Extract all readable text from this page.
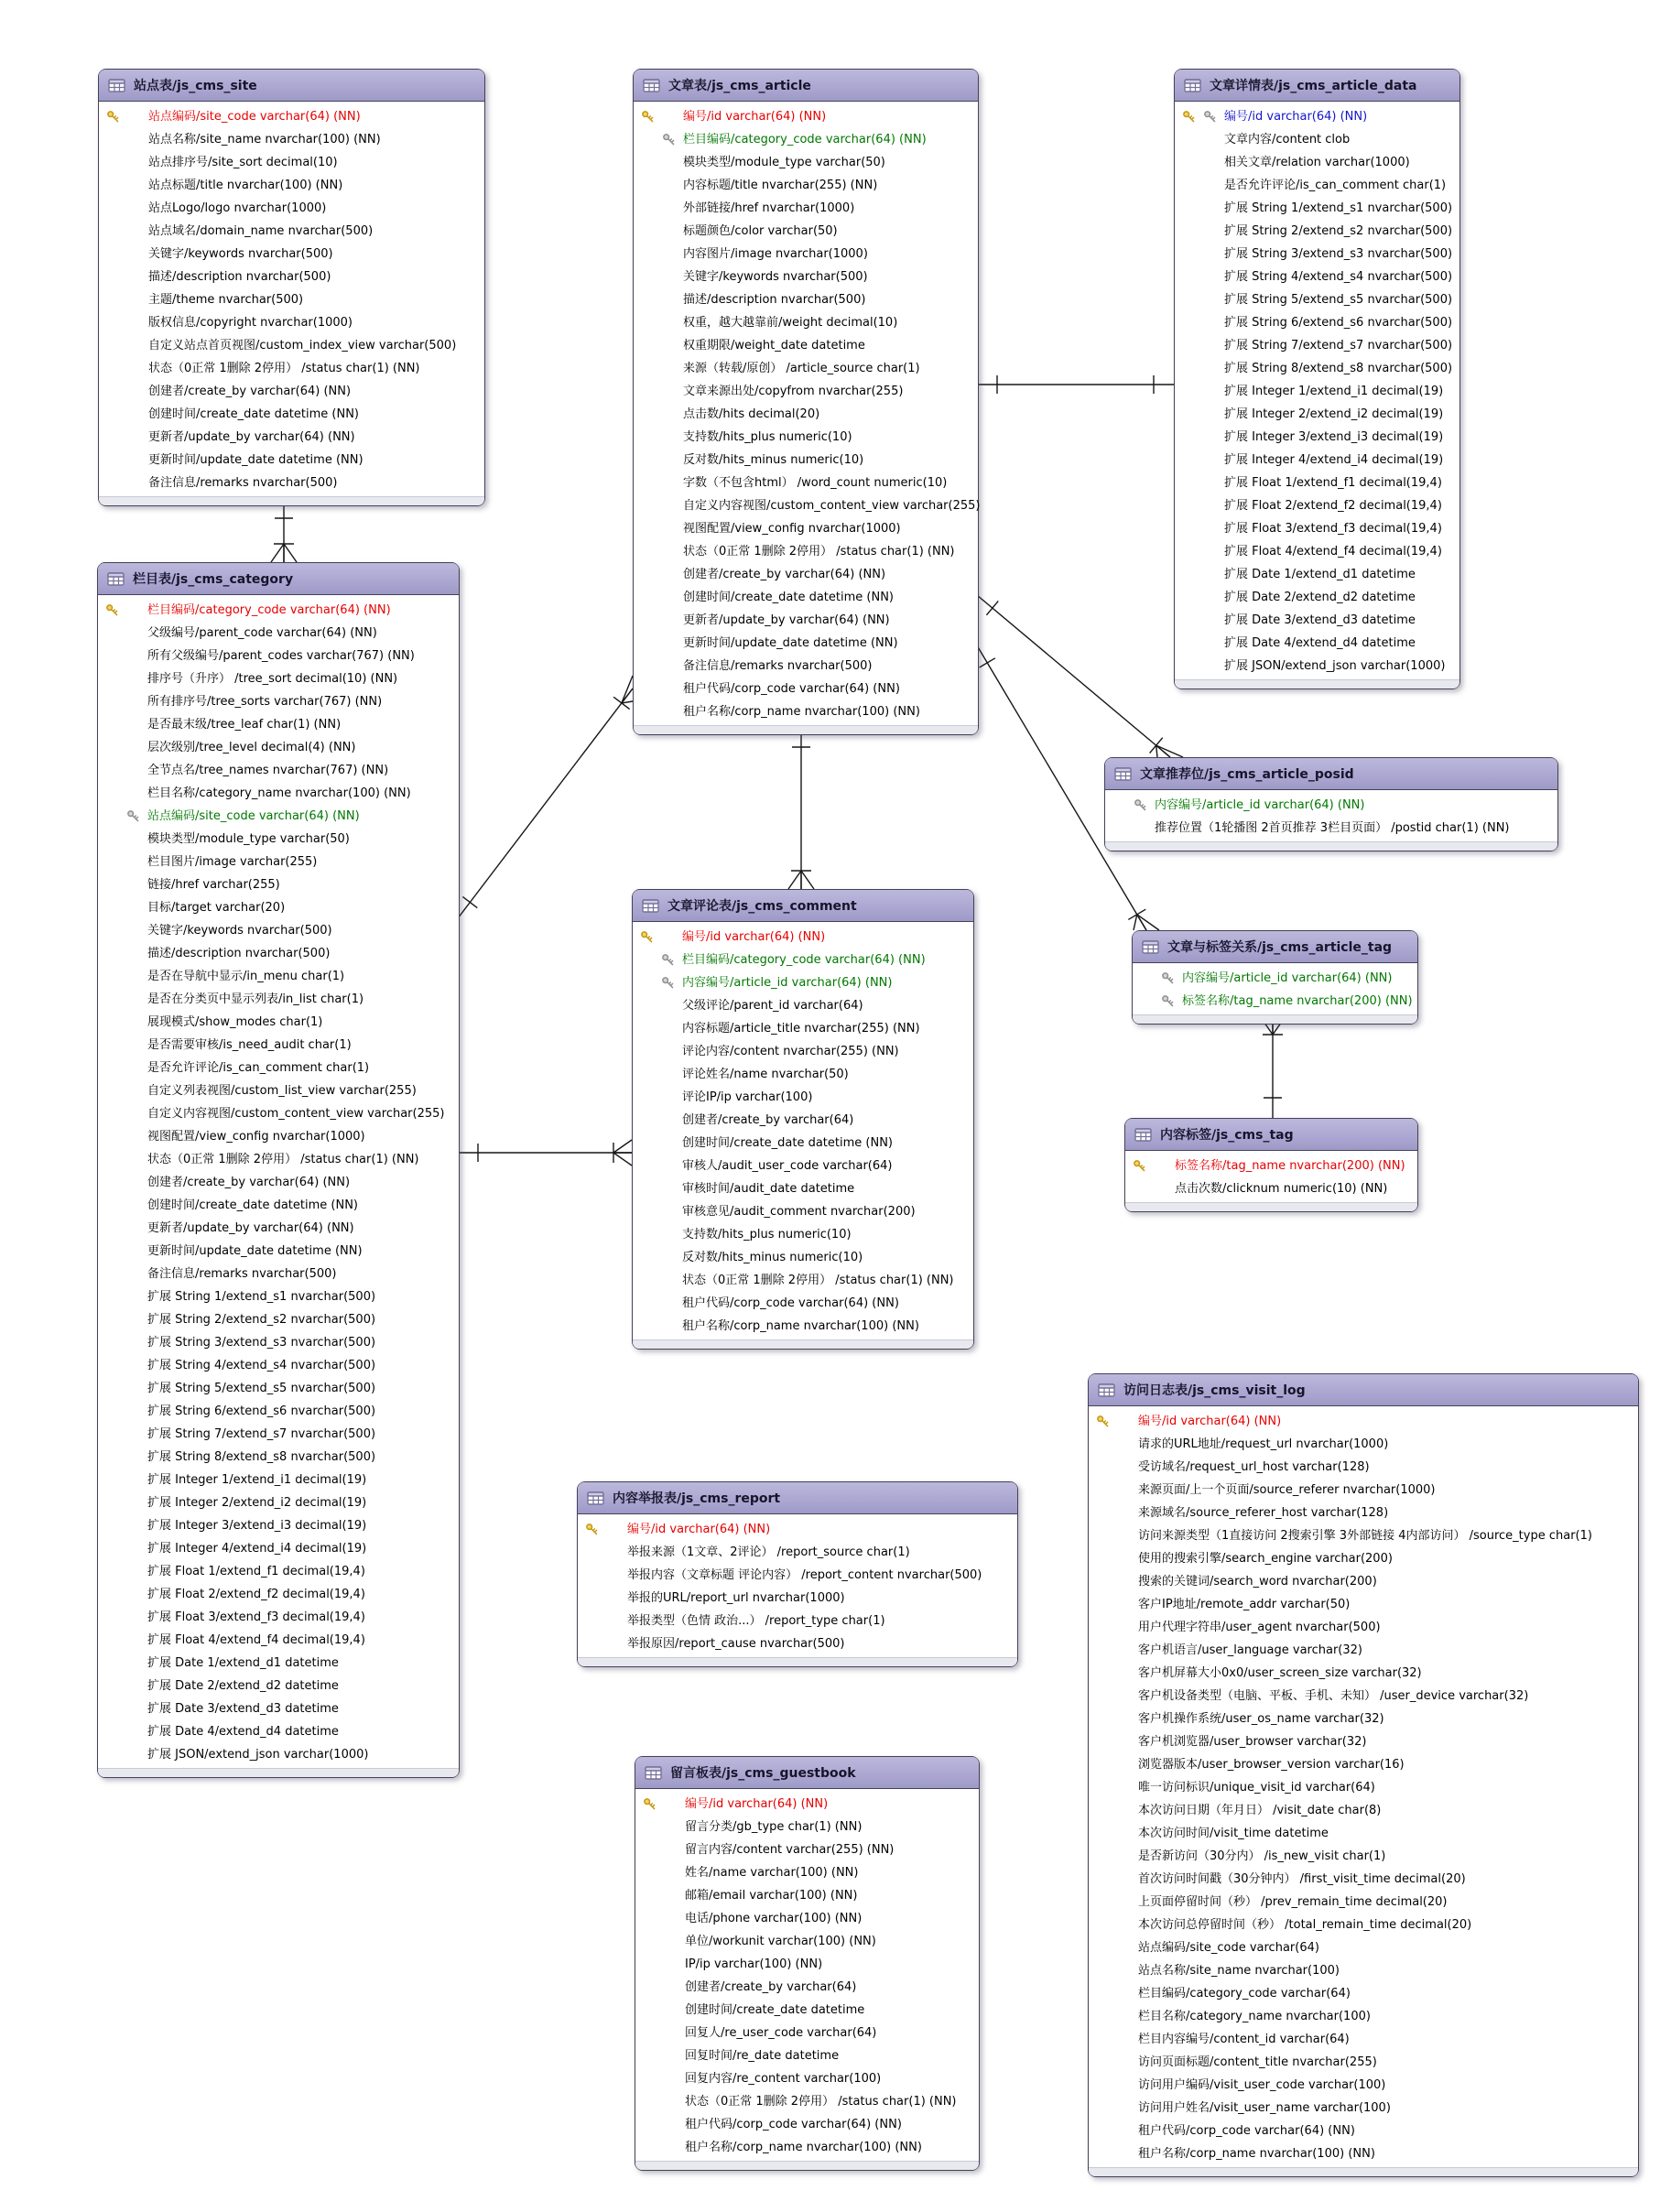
站点表/js_cms_site
站点编码/site_code varchar(64) (NN)
站点名称/site_name nvarchar(100) (NN)
站点排序号/site_sort decimal(10)
站点标题/title nvarchar(100) (NN)
站点Logo/logo nvarchar(1000)
站点域名/domain_name nvarchar(500)
关键字/keywords nvarchar(500)
描述/description nvarchar(500)
主题/theme nvarchar(500)
版权信息/copyright nvarchar(1000)
自定义站点首页视图/custom_index_view varchar(500)
状态（0正常 1删除 2停用） /status char(1) (NN)
创建者/create_by varchar(64) (NN)
创建时间/create_date datetime (NN)
更新者/update_by varchar(64) (NN)
更新时间/update_date datetime (NN)
备注信息/remarks nvarchar(500)
文章表/js_cms_article
编号/id varchar(64) (NN)
栏目编码/category_code varchar(64) (NN)
模块类型/module_type varchar(50)
内容标题/title nvarchar(255) (NN)
外部链接/href nvarchar(1000)
标题颜色/color varchar(50)
内容图片/image nvarchar(1000)
关键字/keywords nvarchar(500)
描述/description nvarchar(500)
权重，越大越靠前/weight decimal(10)
权重期限/weight_date datetime
来源（转载/原创） /article_source char(1)
文章来源出处/copyfrom nvarchar(255)
点击数/hits decimal(20)
支持数/hits_plus numeric(10)
反对数/hits_minus numeric(10)
字数（不包含html） /word_count numeric(10)
自定义内容视图/custom_content_view varchar(255)
视图配置/view_config nvarchar(1000)
状态（0正常 1删除 2停用） /status char(1) (NN)
创建者/create_by varchar(64) (NN)
创建时间/create_date datetime (NN)
更新者/update_by varchar(64) (NN)
更新时间/update_date datetime (NN)
备注信息/remarks nvarchar(500)
租户代码/corp_code varchar(64) (NN)
租户名称/corp_name nvarchar(100) (NN)
文章详情表/js_cms_article_data
编号/id varchar(64) (NN)
文章内容/content clob
相关文章/relation varchar(1000)
是否允许评论/is_can_comment char(1)
扩展 String 1/extend_s1 nvarchar(500)
扩展 String 2/extend_s2 nvarchar(500)
扩展 String 3/extend_s3 nvarchar(500)
扩展 String 4/extend_s4 nvarchar(500)
扩展 String 5/extend_s5 nvarchar(500)
扩展 String 6/extend_s6 nvarchar(500)
扩展 String 7/extend_s7 nvarchar(500)
扩展 String 8/extend_s8 nvarchar(500)
扩展 Integer 1/extend_i1 decimal(19)
扩展 Integer 2/extend_i2 decimal(19)
扩展 Integer 3/extend_i3 decimal(19)
扩展 Integer 4/extend_i4 decimal(19)
扩展 Float 1/extend_f1 decimal(19,4)
扩展 Float 2/extend_f2 decimal(19,4)
扩展 Float 3/extend_f3 decimal(19,4)
扩展 Float 4/extend_f4 decimal(19,4)
扩展 Date 1/extend_d1 datetime
扩展 Date 2/extend_d2 datetime
扩展 Date 3/extend_d3 datetime
扩展 Date 4/extend_d4 datetime
扩展 JSON/extend_json varchar(1000)
栏目表/js_cms_category
栏目编码/category_code varchar(64) (NN)
父级编号/parent_code varchar(64) (NN)
所有父级编号/parent_codes varchar(767) (NN)
排序号（升序） /tree_sort decimal(10) (NN)
所有排序号/tree_sorts varchar(767) (NN)
是否最末级/tree_leaf char(1) (NN)
层次级别/tree_level decimal(4) (NN)
全节点名/tree_names nvarchar(767) (NN)
栏目名称/category_name nvarchar(100) (NN)
站点编码/site_code varchar(64) (NN)
模块类型/module_type varchar(50)
栏目图片/image varchar(255)
链接/href varchar(255)
目标/target varchar(20)
关键字/keywords nvarchar(500)
描述/description nvarchar(500)
是否在导航中显示/in_menu char(1)
是否在分类页中显示列表/in_list char(1)
展现模式/show_modes char(1)
是否需要审核/is_need_audit char(1)
是否允许评论/is_can_comment char(1)
自定义列表视图/custom_list_view varchar(255)
自定义内容视图/custom_content_view varchar(255)
视图配置/view_config nvarchar(1000)
状态（0正常 1删除 2停用） /status char(1) (NN)
创建者/create_by varchar(64) (NN)
创建时间/create_date datetime (NN)
更新者/update_by varchar(64) (NN)
更新时间/update_date datetime (NN)
备注信息/remarks nvarchar(500)
扩展 String 1/extend_s1 nvarchar(500)
扩展 String 2/extend_s2 nvarchar(500)
扩展 String 3/extend_s3 nvarchar(500)
扩展 String 4/extend_s4 nvarchar(500)
扩展 String 5/extend_s5 nvarchar(500)
扩展 String 6/extend_s6 nvarchar(500)
扩展 String 7/extend_s7 nvarchar(500)
扩展 String 8/extend_s8 nvarchar(500)
扩展 Integer 1/extend_i1 decimal(19)
扩展 Integer 2/extend_i2 decimal(19)
扩展 Integer 3/extend_i3 decimal(19)
扩展 Integer 4/extend_i4 decimal(19)
扩展 Float 1/extend_f1 decimal(19,4)
扩展 Float 2/extend_f2 decimal(19,4)
扩展 Float 3/extend_f3 decimal(19,4)
扩展 Float 4/extend_f4 decimal(19,4)
扩展 Date 1/extend_d1 datetime
扩展 Date 2/extend_d2 datetime
扩展 Date 3/extend_d3 datetime
扩展 Date 4/extend_d4 datetime
扩展 JSON/extend_json varchar(1000)
文章评论表/js_cms_comment
编号/id varchar(64) (NN)
栏目编码/category_code varchar(64) (NN)
内容编号/article_id varchar(64) (NN)
父级评论/parent_id varchar(64)
内容标题/article_title nvarchar(255) (NN)
评论内容/content nvarchar(255) (NN)
评论姓名/name nvarchar(50)
评论IP/ip varchar(100)
创建者/create_by varchar(64)
创建时间/create_date datetime (NN)
审核人/audit_user_code varchar(64)
审核时间/audit_date datetime
审核意见/audit_comment nvarchar(200)
支持数/hits_plus numeric(10)
反对数/hits_minus numeric(10)
状态（0正常 1删除 2停用） /status char(1) (NN)
租户代码/corp_code varchar(64) (NN)
租户名称/corp_name nvarchar(100) (NN)
文章推荐位/js_cms_article_posid
内容编号/article_id varchar(64) (NN)
推荐位置（1轮播图 2首页推荐 3栏目页面） /postid char(1) (NN)
文章与标签关系/js_cms_article_tag
内容编号/article_id varchar(64) (NN)
标签名称/tag_name nvarchar(200) (NN)
内容标签/js_cms_tag
标签名称/tag_name nvarchar(200) (NN)
点击次数/clicknum numeric(10) (NN)
内容举报表/js_cms_report
编号/id varchar(64) (NN)
举报来源（1文章、2评论） /report_source char(1)
举报内容（文章标题 评论内容） /report_content nvarchar(500)
举报的URL/report_url nvarchar(1000)
举报类型（色情 政治...） /report_type char(1)
举报原因/report_cause nvarchar(500)
留言板表/js_cms_guestbook
编号/id varchar(64) (NN)
留言分类/gb_type char(1) (NN)
留言内容/content varchar(255) (NN)
姓名/name varchar(100) (NN)
邮箱/email varchar(100) (NN)
电话/phone varchar(100) (NN)
单位/workunit varchar(100) (NN)
IP/ip varchar(100) (NN)
创建者/create_by varchar(64)
创建时间/create_date datetime
回复人/re_user_code varchar(64)
回复时间/re_date datetime
回复内容/re_content varchar(100)
状态（0正常 1删除 2停用） /status char(1) (NN)
租户代码/corp_code varchar(64) (NN)
租户名称/corp_name nvarchar(100) (NN)
访问日志表/js_cms_visit_log
编号/id varchar(64) (NN)
请求的URL地址/request_url nvarchar(1000)
受访域名/request_url_host varchar(128)
来源页面/上一个页面/source_referer nvarchar(1000)
来源域名/source_referer_host varchar(128)
访问来源类型（1直接访问 2搜索引擎 3外部链接 4内部访问） /source_type char(1)
使用的搜索引擎/search_engine varchar(200)
搜索的关键词/search_word nvarchar(200)
客户IP地址/remote_addr varchar(50)
用户代理字符串/user_agent nvarchar(500)
客户机语言/user_language varchar(32)
客户机屏幕大小0x0/user_screen_size varchar(32)
客户机设备类型（电脑、平板、手机、未知） /user_device varchar(32)
客户机操作系统/user_os_name varchar(32)
客户机浏览器/user_browser varchar(32)
浏览器版本/user_browser_version varchar(16)
唯一访问标识/unique_visit_id varchar(64)
本次访问日期（年月日） /visit_date char(8)
本次访问时间/visit_time datetime
是否新访问（30分内） /is_new_visit char(1)
首次访问时间戳（30分钟内） /first_visit_time decimal(20)
上页面停留时间（秒） /prev_remain_time decimal(20)
本次访问总停留时间（秒） /total_remain_time decimal(20)
站点编码/site_code varchar(64)
站点名称/site_name nvarchar(100)
栏目编码/category_code varchar(64)
栏目名称/category_name nvarchar(100)
栏目内容编号/content_id varchar(64)
访问页面标题/content_title nvarchar(255)
访问用户编码/visit_user_code varchar(100)
访问用户姓名/visit_user_name varchar(100)
租户代码/corp_code varchar(64) (NN)
租户名称/corp_name nvarchar(100) (NN)
